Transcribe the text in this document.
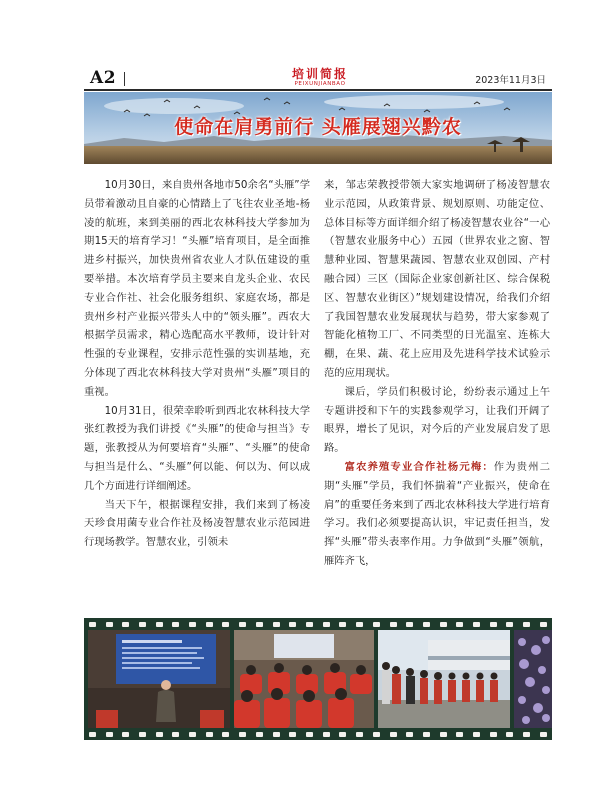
A2	培训简报
PEIXUNJIANBAO	2023年11月3日
使命在肩勇前行 头雁展翅兴黔农

10月30日，来自贵州各地市50余名“头雁”学员带着激动且自豪的心情踏上了飞往农业圣地-杨凌的航班，来到美丽的西北农林科技大学参加为期15天的培育学习！“头雁”培育项目，是全面推进乡村振兴，加快贵州省农业人才队伍建设的重要举措。本次培育学员主要来自龙头企业、农民专业合作社、社会化服务组织、家庭农场，都是贵州乡村产业振兴带头人中的“领头雁”。西农大根据学员需求，精心选配高水平教师，设计针对性强的专业课程，安排示范性强的实训基地，充分体现了西北农林科技大学对贵州“头雁”项目的重视。

10月31日，很荣幸聆听到西北农林科技大学张红教授为我们讲授《“头雁”的使命与担当》专题，张教授从为何要培育“头雁”、“头雁”的使命与担当是什么、“头雁”何以能、何以为、何以成几个方面进行详细阐述。

当天下午，根据课程安排，我们来到了杨凌天珍食用菌专业合作社及杨凌智慧农业示范园进行现场教学。智慧农业，引领未

来，邹志荣教授带领大家实地调研了杨凌智慧农业示范园，从政策背景、规划原则、功能定位、总体目标等方面详细介绍了杨凌智慧农业谷“一心（智慧农业服务中心）五园（世界农业之窗、智慧种业园、智慧果蔬园、智慧农业双创园、产村融合园）三区（国际企业家创新社区、综合保税区、智慧农业街区）”规划建设情况，给我们介绍了我国智慧农业发展现状与趋势，带大家参观了智能化植物工厂、不同类型的日光温室、连栋大棚，在果、蔬、花上应用及先进科学技术试验示范的应用现状。

课后，学员们积极讨论，纷纷表示通过上午专题讲授和下午的实践参观学习，让我们开阔了眼界，增长了见识，对今后的产业发展启发了思路。

富农养殖专业合作社杨元梅：作为贵州二期“头雁”学员，我们怀揣着“产业振兴，使命在肩”的重要任务来到了西北农林科技大学进行培育学习。我们必须要提高认识，牢记责任担当，发挥“头雁”带头表率作用。力争做到“头雁”领航，雁阵齐飞，
